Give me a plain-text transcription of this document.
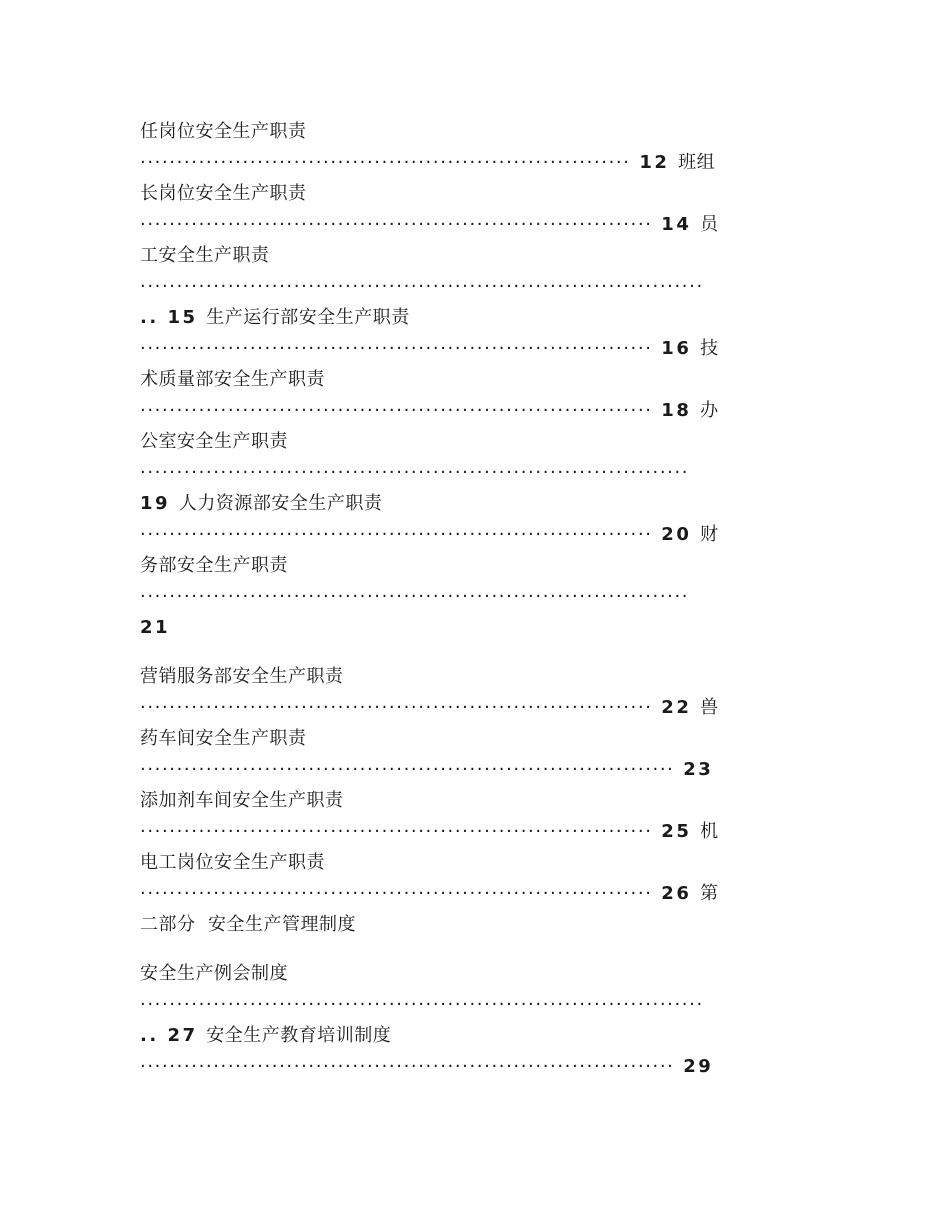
任岗位安全生产职责
··································································· 12 班组
长岗位安全生产职责
······································································ 14 员
工安全生产职责
·············································································
.. 15 生产运行部安全生产职责
······································································ 16 技
术质量部安全生产职责
······································································ 18 办
公室安全生产职责
···········································································
19 人力资源部安全生产职责
······································································ 20 财
务部安全生产职责
···········································································
21
营销服务部安全生产职责
······································································ 22 兽
药车间安全生产职责
········································································· 23
添加剂车间安全生产职责
······································································ 25 机
电工岗位安全生产职责
······································································ 26 第
二部分  安全生产管理制度
安全生产例会制度
·············································································
.. 27 安全生产教育培训制度
········································································· 29
